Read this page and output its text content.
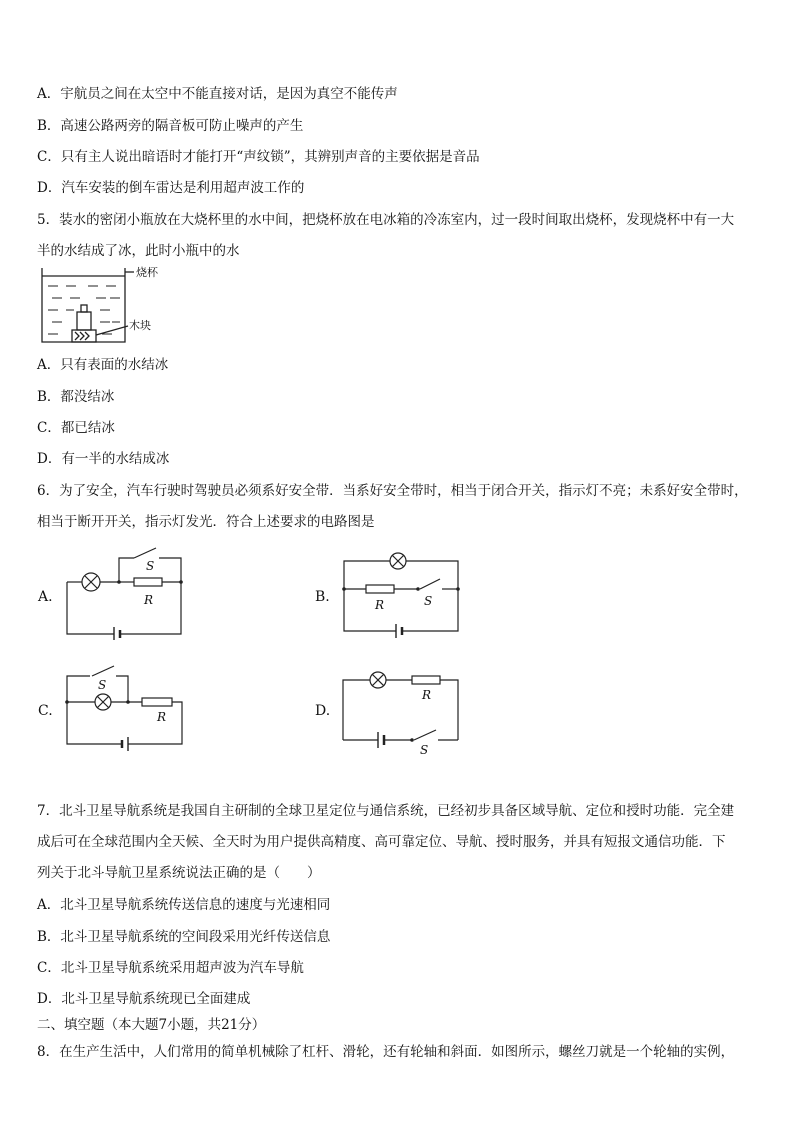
A．宇航员之间在太空中不能直接对话，是因为真空不能传声
B．高速公路两旁的隔音板可防止噪声的产生
C．只有主人说出暗语时才能打开“声纹锁”，其辨别声音的主要依据是音品
D．汽车安装的倒车雷达是利用超声波工作的
5．装水的密闭小瓶放在大烧杯里的水中间，把烧杯放在电冰箱的冷冻室内，过一段时间取出烧杯，发现烧杯中有一大
半的水结成了冰，此时小瓶中的水
烧杯
木块
A．只有表面的水结冰
B．都没结冰
C．都已结冰
D．有一半的水结成冰
6．为了安全，汽车行驶时驾驶员必须系好安全带．当系好安全带时，相当于闭合开关，指示灯不亮；未系好安全带时，
相当于断开开关，指示灯发光．符合上述要求的电路图是
A.
S
R	B.	R	S
C.
S
R	D.
R
S
7．北斗卫星导航系统是我国自主研制的全球卫星定位与通信系统，已经初步具备区域导航、定位和授时功能．完全建
成后可在全球范围内全天候、全天时为用户提供高精度、高可靠定位、导航、授时服务，并具有短报文通信功能．下
列关于北斗导航卫星系统说法正确的是（　　）
A．北斗卫星导航系统传送信息的速度与光速相同
B．北斗卫星导航系统的空间段采用光纤传送信息
C．北斗卫星导航系统采用超声波为汽车导航
D．北斗卫星导航系统现已全面建成
二、填空题（本大题7小题，共21分）
8．在生产生活中，人们常用的简单机械除了杠杆、滑轮，还有轮轴和斜面．如图所示，螺丝刀就是一个轮轴的实例，
